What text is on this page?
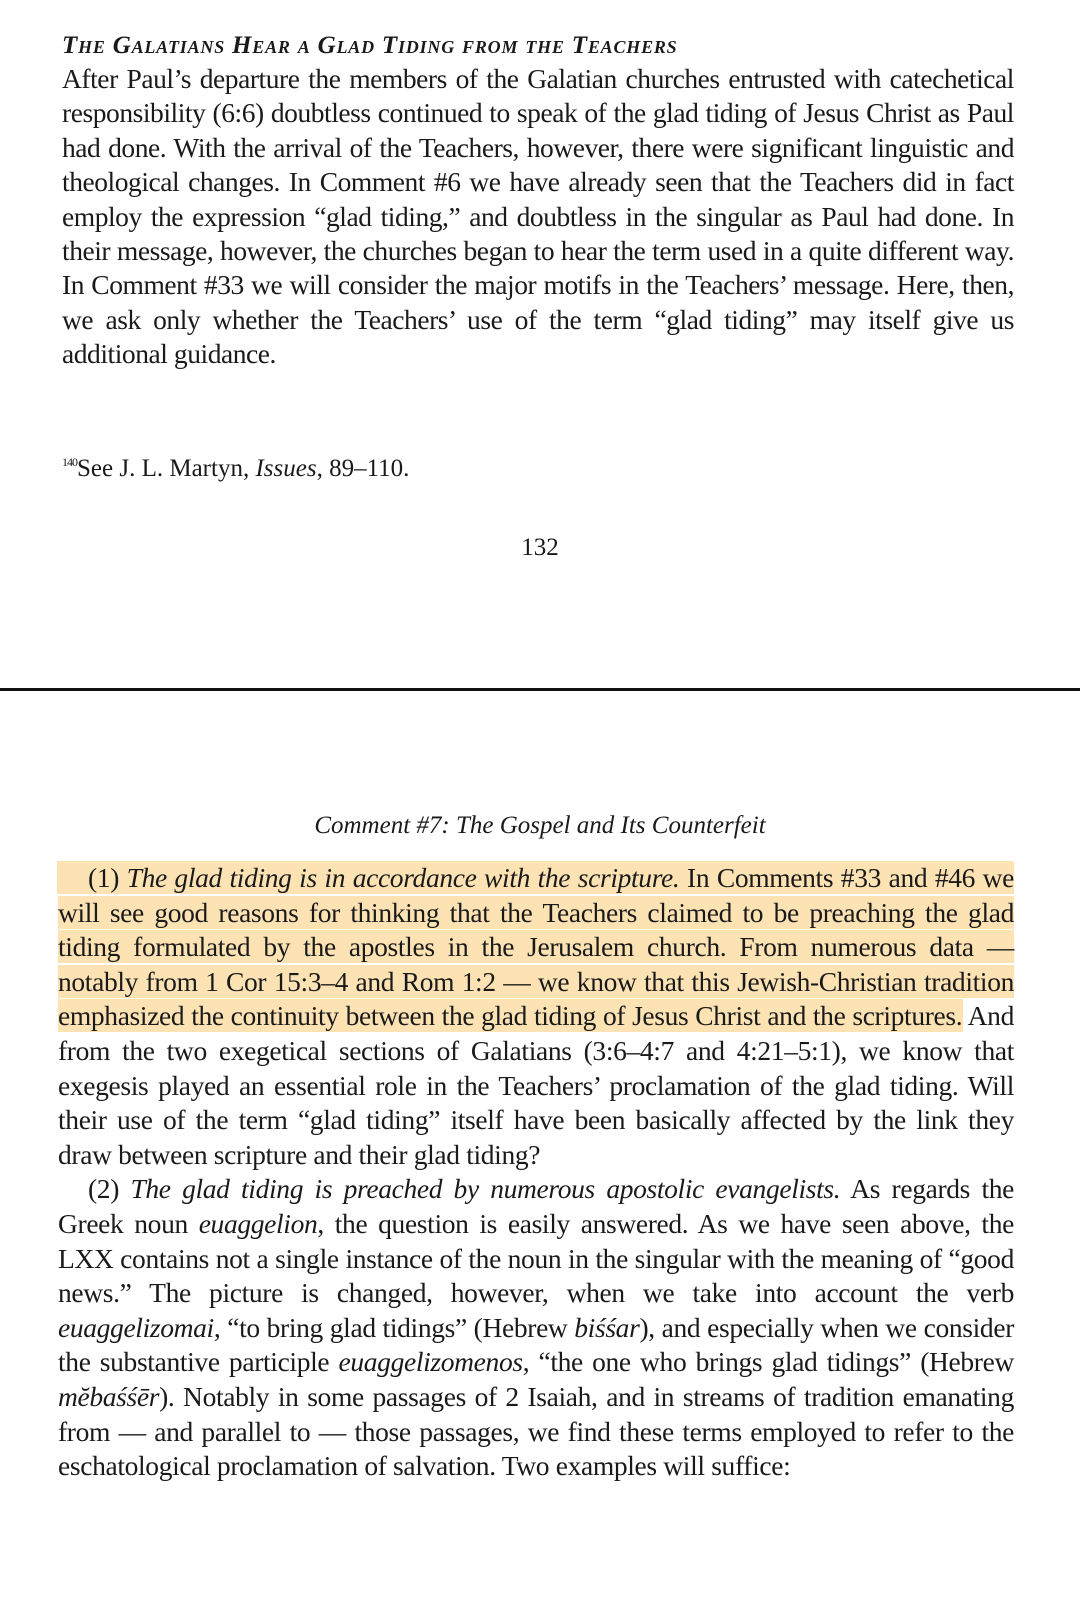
The Galatians Hear a Glad Tiding from the Teachers

After Paul’s departure the members of the Galatian churches entrusted with catechetical responsibility (6:6) doubtless continued to speak of the glad tiding of Jesus Christ as Paul had done. With the arrival of the Teachers, however, there were significant linguistic and theological changes. In Comment #6 we have already seen that the Teachers did in fact employ the expression “glad tiding,” and doubtless in the singular as Paul had done. In their message, however, the churches began to hear the term used in a quite different way. In Comment #33 we will consider the major motifs in the Teachers’ message. Here, then, we ask only whether the Teachers’ use of the term “glad tiding” may itself give us additional guidance.

$^{140}$See J. L. Martyn, Issues, 89–110.
132
Comment #7: The Gospel and Its Counterfeit

(1) The glad tiding is in accordance with the scripture. In Comments #33 and #46 we will see good reasons for thinking that the Teachers claimed to be preaching the glad tiding formulated by the apostles in the Jerusalem church. From numerous data — notably from 1 Cor 15:3–4 and Rom 1:2 — we know that this Jewish-Christian tradition emphasized the continuity between the glad tiding of Jesus Christ and the scriptures. And from the two exegetical sections of Galatians (3:6–4:7 and 4:21–5:1), we know that exegesis played an essential role in the Teachers’ proclamation of the glad tiding. Will their use of the term “glad tiding” itself have been basically affected by the link they draw between scripture and their glad tiding?

(2) The glad tiding is preached by numerous apostolic evangelists. As regards the Greek noun euaggelion, the question is easily answered. As we have seen above, the LXX contains not a single instance of the noun in the singular with the meaning of “good news.” The picture is changed, however, when we take into account the verb euaggelizomai, “to bring glad tidings” (Hebrew biśśar), and especially when we consider the substantive participle euaggelizomenos, “the one who brings glad tidings” (Hebrew mĕbaśśēr). Notably in some passages of 2 Isaiah, and in streams of tradition emanating from — and parallel to — those passages, we find these terms employed to refer to the eschatological proclamation of salvation. Two examples will suffice:
